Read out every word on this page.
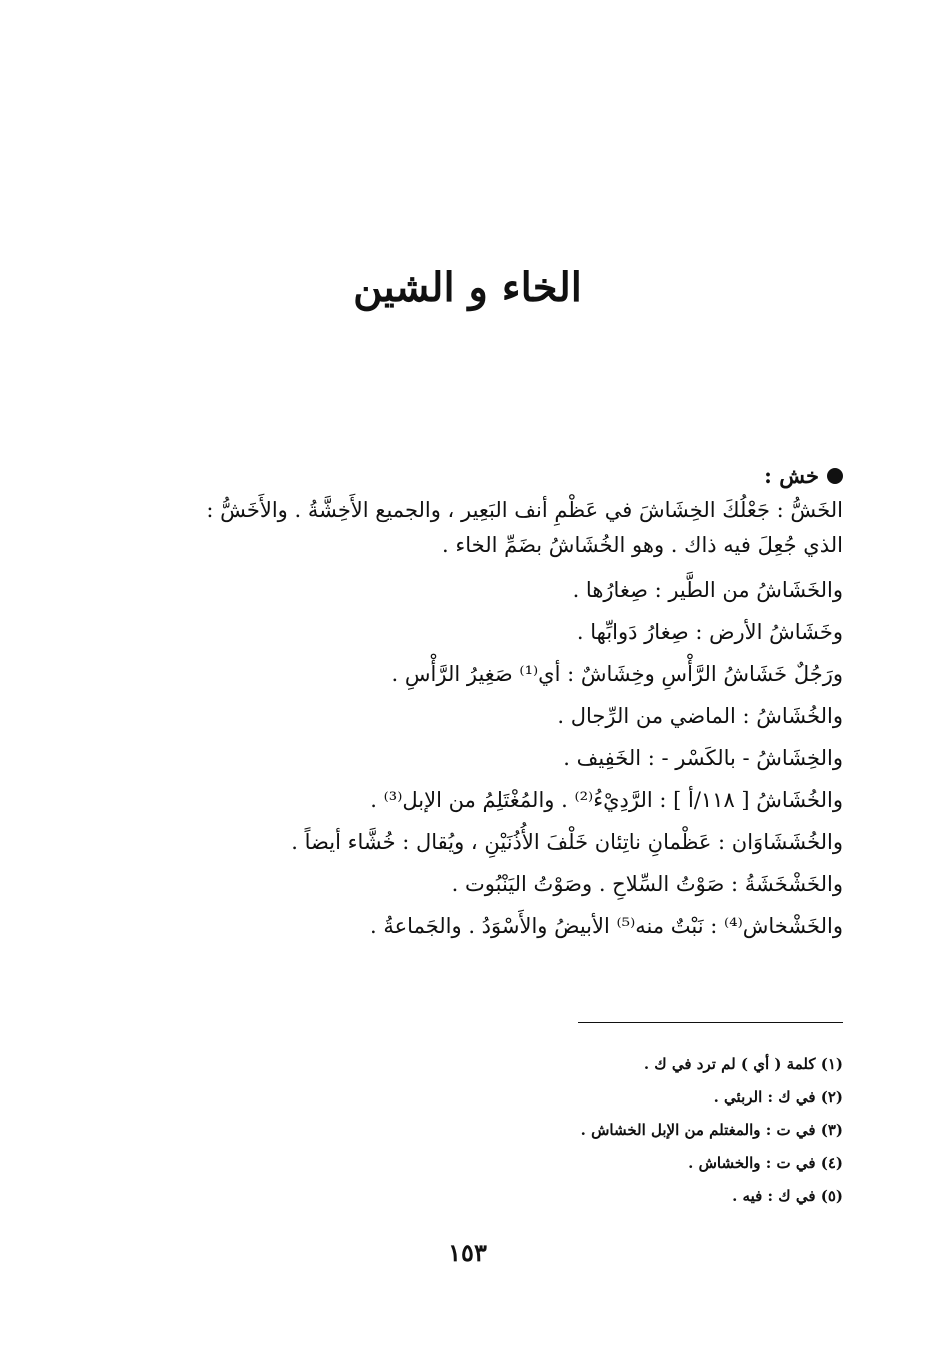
الخاء و الشين

خش :

الخَشُّ : جَعْلُكَ الخِشَاشَ في عَظْمِ أنف البَعِير ، والجميع الأَخِشَّةُ . والأَخَشُّ :

الذي جُعِلَ فيه ذاك . وهو الخُشَاشُ بضَمِّ الخاء .

والخَشَاشُ من الطَّير : صِغارُها .

وخَشَاشُ الأرض : صِغارُ دَوابِّها .

ورَجُلٌ خَشَاشُ الرَّأْسِ وخِشَاشٌ : أي⁽¹⁾ صَغِيرُ الرَّأْسِ .

والخُشَاشُ : الماضي من الرِّجال .

والخِشَاشُ - بالكَسْر - : الخَفِيف .

والخُشَاشُ [ ١١٨/أ ] : الرَّدِيْءُ⁽²⁾ . والمُغْتَلِمُ من الإبل⁽³⁾ .

والخُشَشَاوَان : عَظْمانِ ناتِئان خَلْفَ الأُذُنَيْنِ ، ويُقال : خُشَّاء أيضاً .

والخَشْخَشَةُ : صَوْتُ السِّلاحِ . وصَوْتُ اليَنْبُوت .

والخَشْخاش⁽⁴⁾ : نَبْتٌ منه⁽⁵⁾ الأبيضُ والأَسْوَدُ . والجَماعةُ .

(١) كلمة ( أي ) لم ترد في ك .
(٢) في ك : الربئي .
(٣) في ت : والمغتلم من الإبل الخشاش .
(٤) في ت : والخشاش .
(٥) في ك : فيه .
١٥٣
